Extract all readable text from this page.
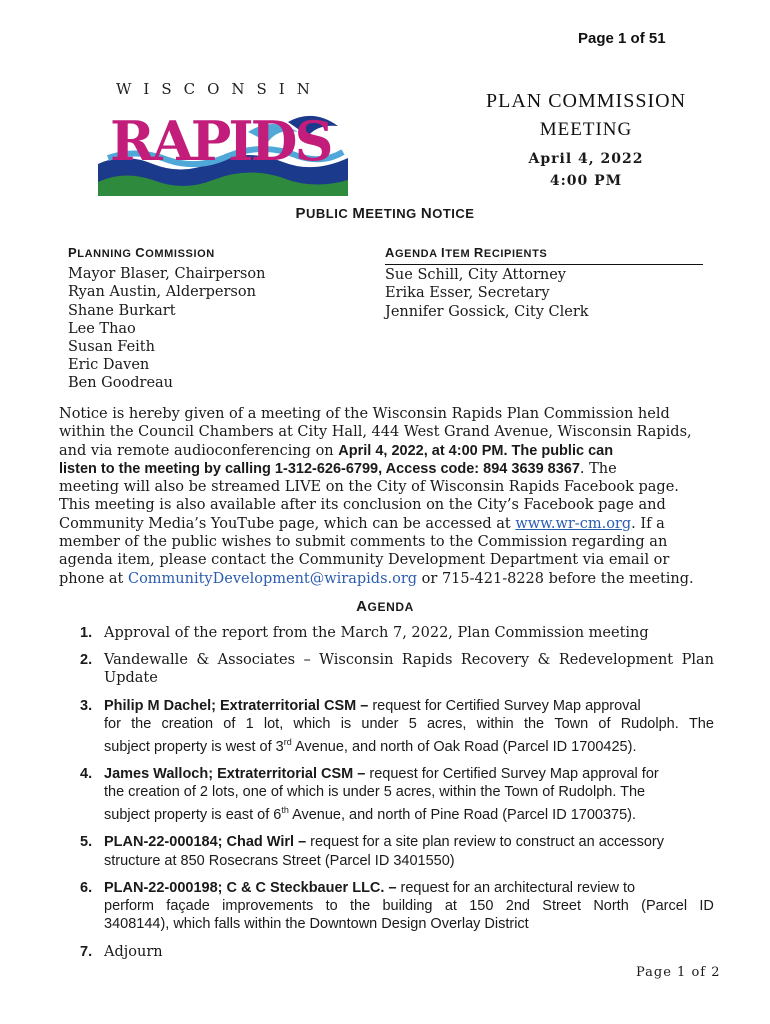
Page 1 of 51
WISCONSIN
RAPIDS
PLAN COMMISSION
MEETING
April 4, 2022
4:00 PM
PUBLIC MEETING NOTICE
PLANNING COMMISSION
Mayor Blaser, Chairperson
Ryan Austin, Alderperson
Shane Burkart
Lee Thao
Susan Feith
Eric Daven
Ben Goodreau
AGENDA ITEM RECIPIENTS
Sue Schill, City Attorney
Erika Esser, Secretary
Jennifer Gossick, City Clerk
Notice is hereby given of a meeting of the Wisconsin Rapids Plan Commission held
within the Council Chambers at City Hall, 444 West Grand Avenue, Wisconsin Rapids,
and via remote audioconferencing on April 4, 2022, at 4:00 PM. The public can
listen to the meeting by calling 1-312-626-6799, Access code: 894 3639 8367. The
meeting will also be streamed LIVE on the City of Wisconsin Rapids Facebook page.
This meeting is also available after its conclusion on the City’s Facebook page and
Community Media’s YouTube page, which can be accessed at www.wr-cm.org. If a
member of the public wishes to submit comments to the Commission regarding an
agenda item, please contact the Community Development Department via email or
phone at CommunityDevelopment@wirapids.org or 715-421-8228 before the meeting.
AGENDA
1. Approval of the report from the March 7, 2022, Plan Commission meeting
2. Vandewalle & Associates – Wisconsin Rapids Recovery & Redevelopment Plan
Update
3. Philip M Dachel; Extraterritorial CSM – request for Certified Survey Map approval
for the creation of 1 lot, which is under 5 acres, within the Town of Rudolph. The
subject property is west of 3rd Avenue, and north of Oak Road (Parcel ID 1700425).
4. James Walloch; Extraterritorial CSM – request for Certified Survey Map approval for
the creation of 2 lots, one of which is under 5 acres, within the Town of Rudolph. The
subject property is east of 6th Avenue, and north of Pine Road (Parcel ID 1700375).
5. PLAN-22-000184; Chad Wirl – request for a site plan review to construct an accessory
structure at 850 Rosecrans Street (Parcel ID 3401550)
6. PLAN-22-000198; C & C Steckbauer LLC. – request for an architectural review to
perform façade improvements to the building at 150 2nd Street North (Parcel ID
3408144), which falls within the Downtown Design Overlay District
7. Adjourn
Page 1 of 2
